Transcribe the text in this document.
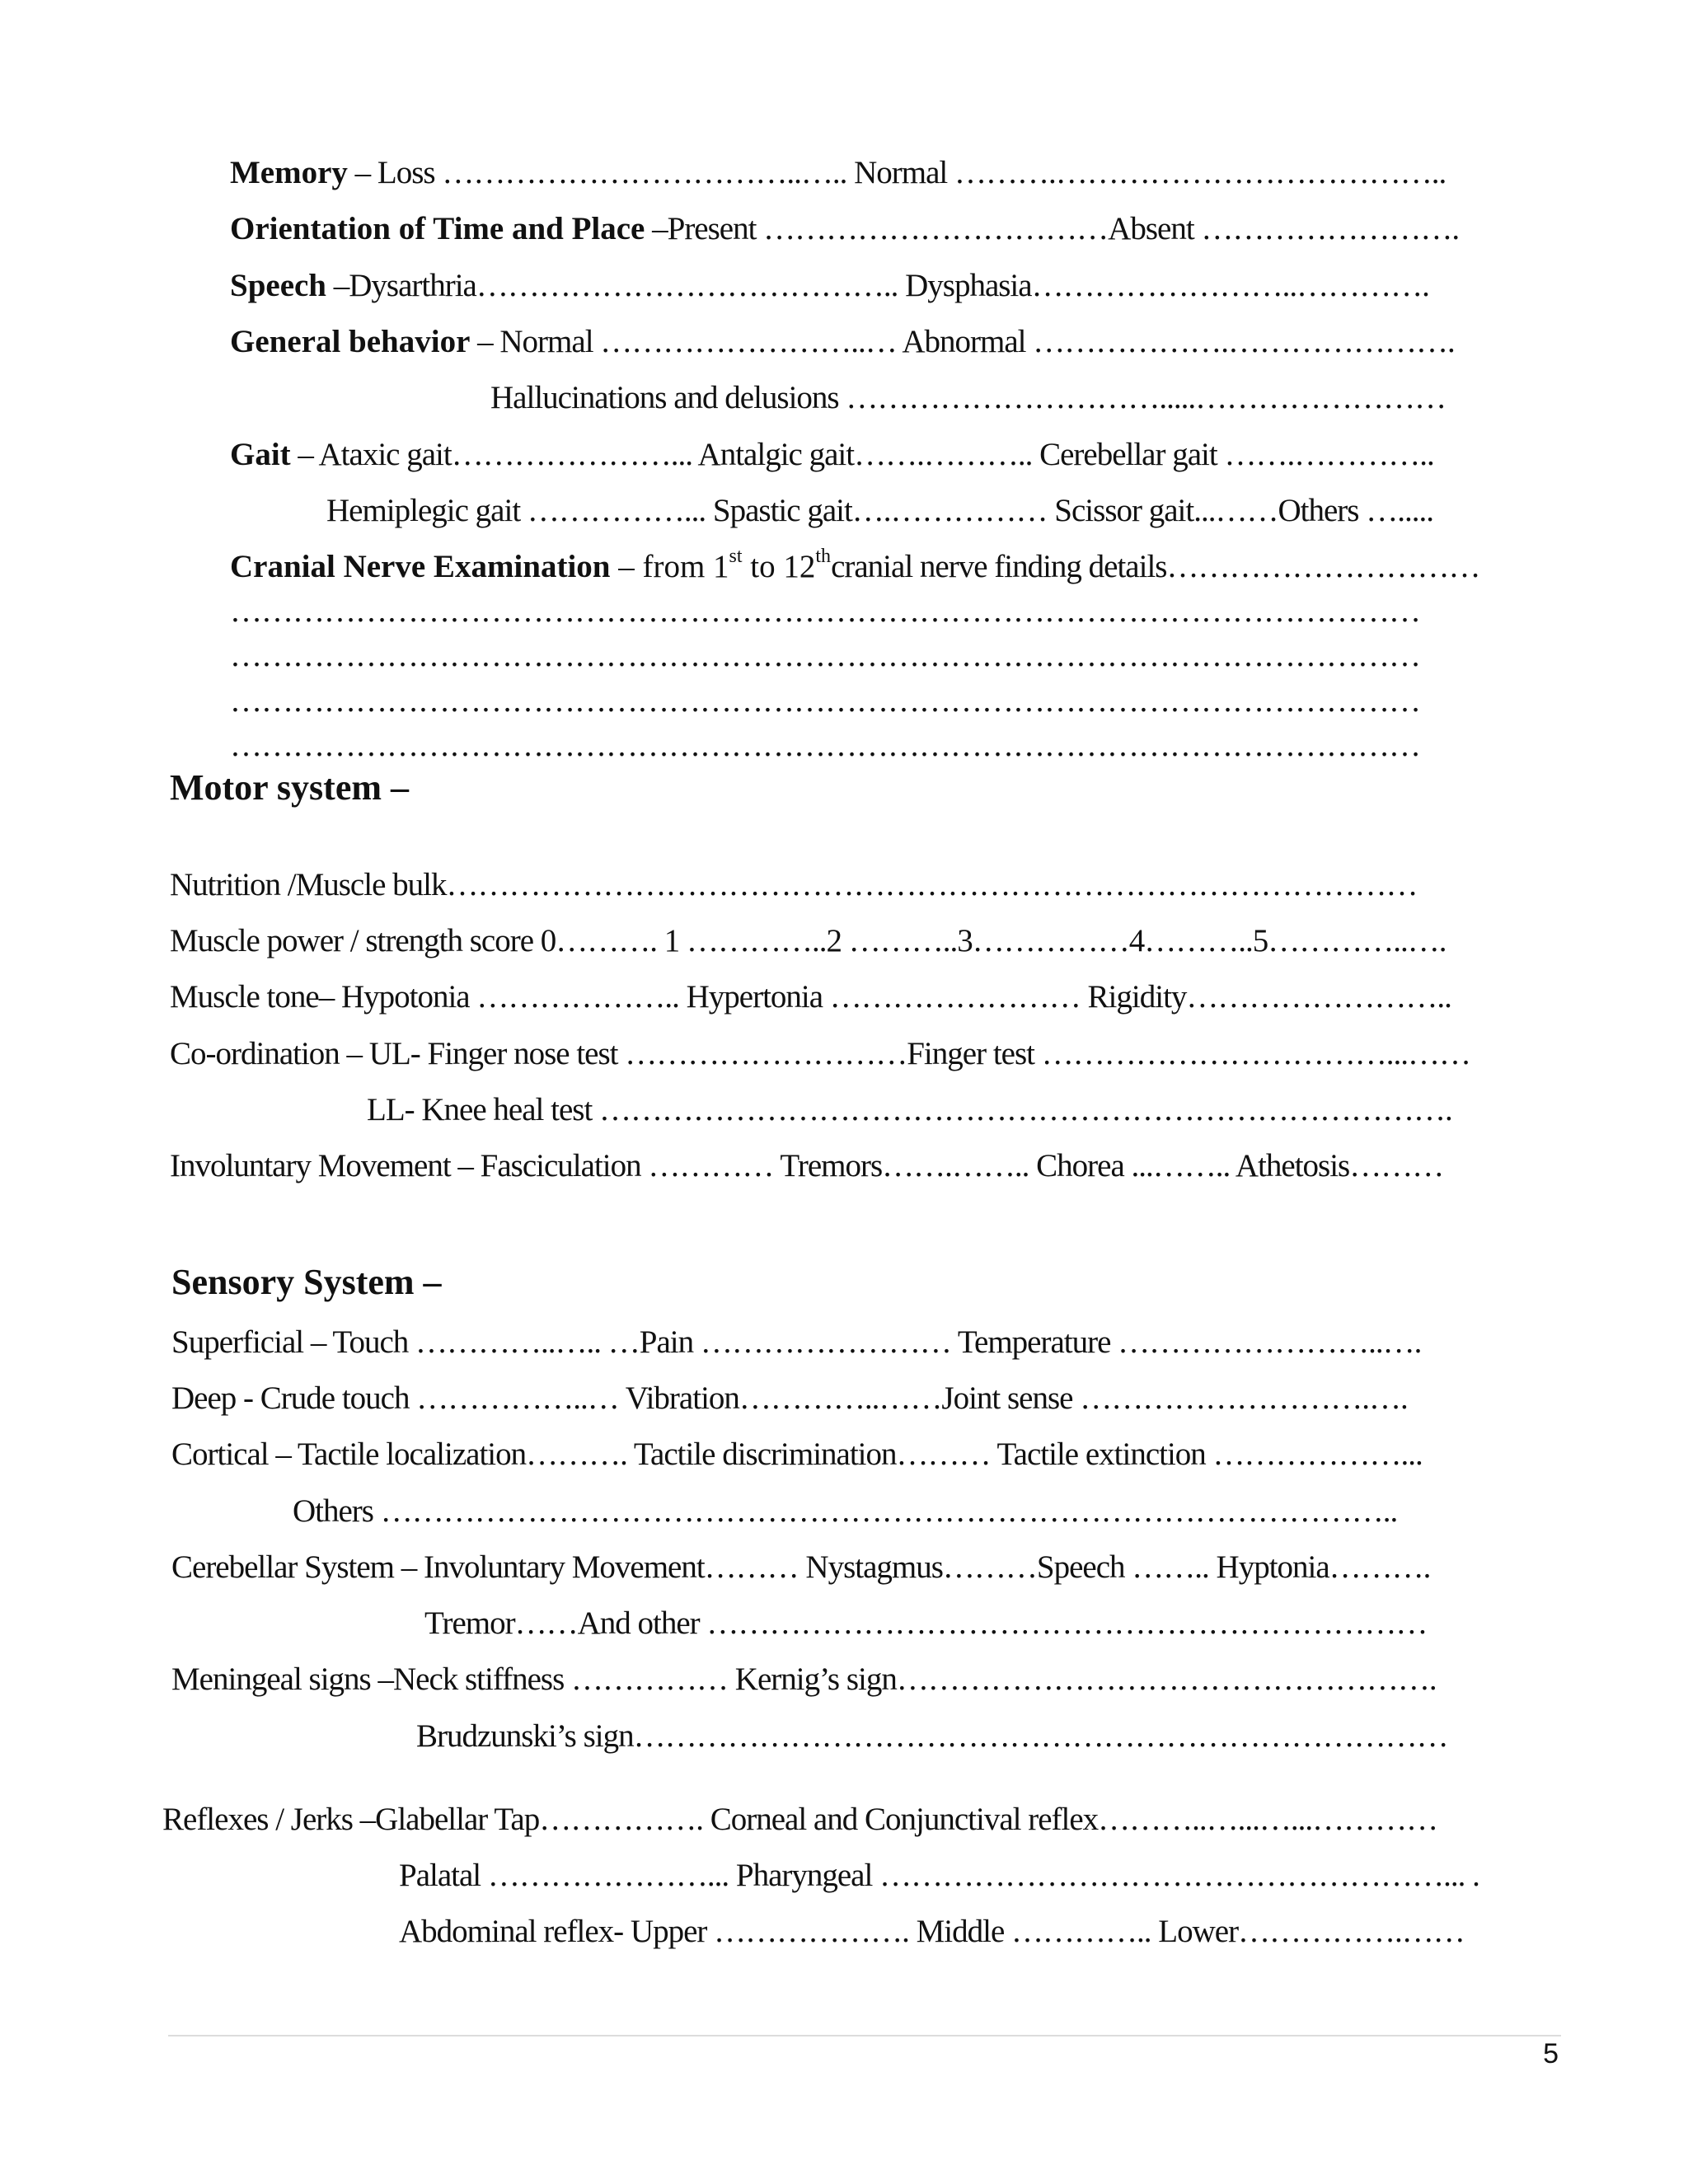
Memory – Loss ……………………………..….. Normal ……….………………………………..

Orientation of Time and Place –Present ……………………………Absent …………………….

Speech –Dysarthria………………………………….. Dysphasia……………………..………….

General behavior – Normal ……………………..… Abnormal ……………….………………….

Hallucinations and delusions ………………………….....……………………

Gait – Ataxic gait…………………... Antalgic gait…….……….. Cerebellar gait …….…………..

Hemiplegic gait ……………... Spastic gait….…………… Scissor gait...……Others ….....

Cranial Nerve Examination – from 1st to 12thcranial nerve finding details…………………………

……………………………………………………………………………………………………

……………………………………………………………………………………………………

……………………………………………………………………………………………………

……………………………………………………………………………………………………

Motor system –

Nutrition /Muscle bulk…………………………………………………………………………………

Muscle power / strength score 0………. 1 …………..2 ………..3……………4………..5…………..….

Muscle tone– Hypotonia ……………….. Hypertonia …………………… Rigidity……………………..

Co-ordination – UL- Finger nose test ………………………Finger test ……………………………...……

LL- Knee heal test ……………………………………………………………………….

Involuntary Movement – Fasciculation ………… Tremors…….…….. Chorea ...…….. Athetosis………

Sensory System –

Superficial – Touch …………..….. …Pain …………………… Temperature ……………………..….

Deep - Crude touch ……………..… Vibration…………..……Joint sense ……………………….….

Cortical – Tactile localization………. Tactile discrimination……… Tactile extinction ………………...

Others ……………………………………………………………………………………..

Cerebellar System – Involuntary Movement……… Nystagmus………Speech …….. Hyptonia……….

Tremor……And other ……………………………………………………………

Meningeal signs –Neck stiffness …………… Kernig’s sign…………………………………………….

Brudzunski’s sign……………………………………………………………………

Reflexes / Jerks –Glabellar Tap……………. Corneal and Conjunctival reflex………..…...…...…………

Palatal …………………... Pharyngeal ………………………………………………... .

Abdominal reflex- Upper ………………. Middle ………….. Lower…………….……

5
